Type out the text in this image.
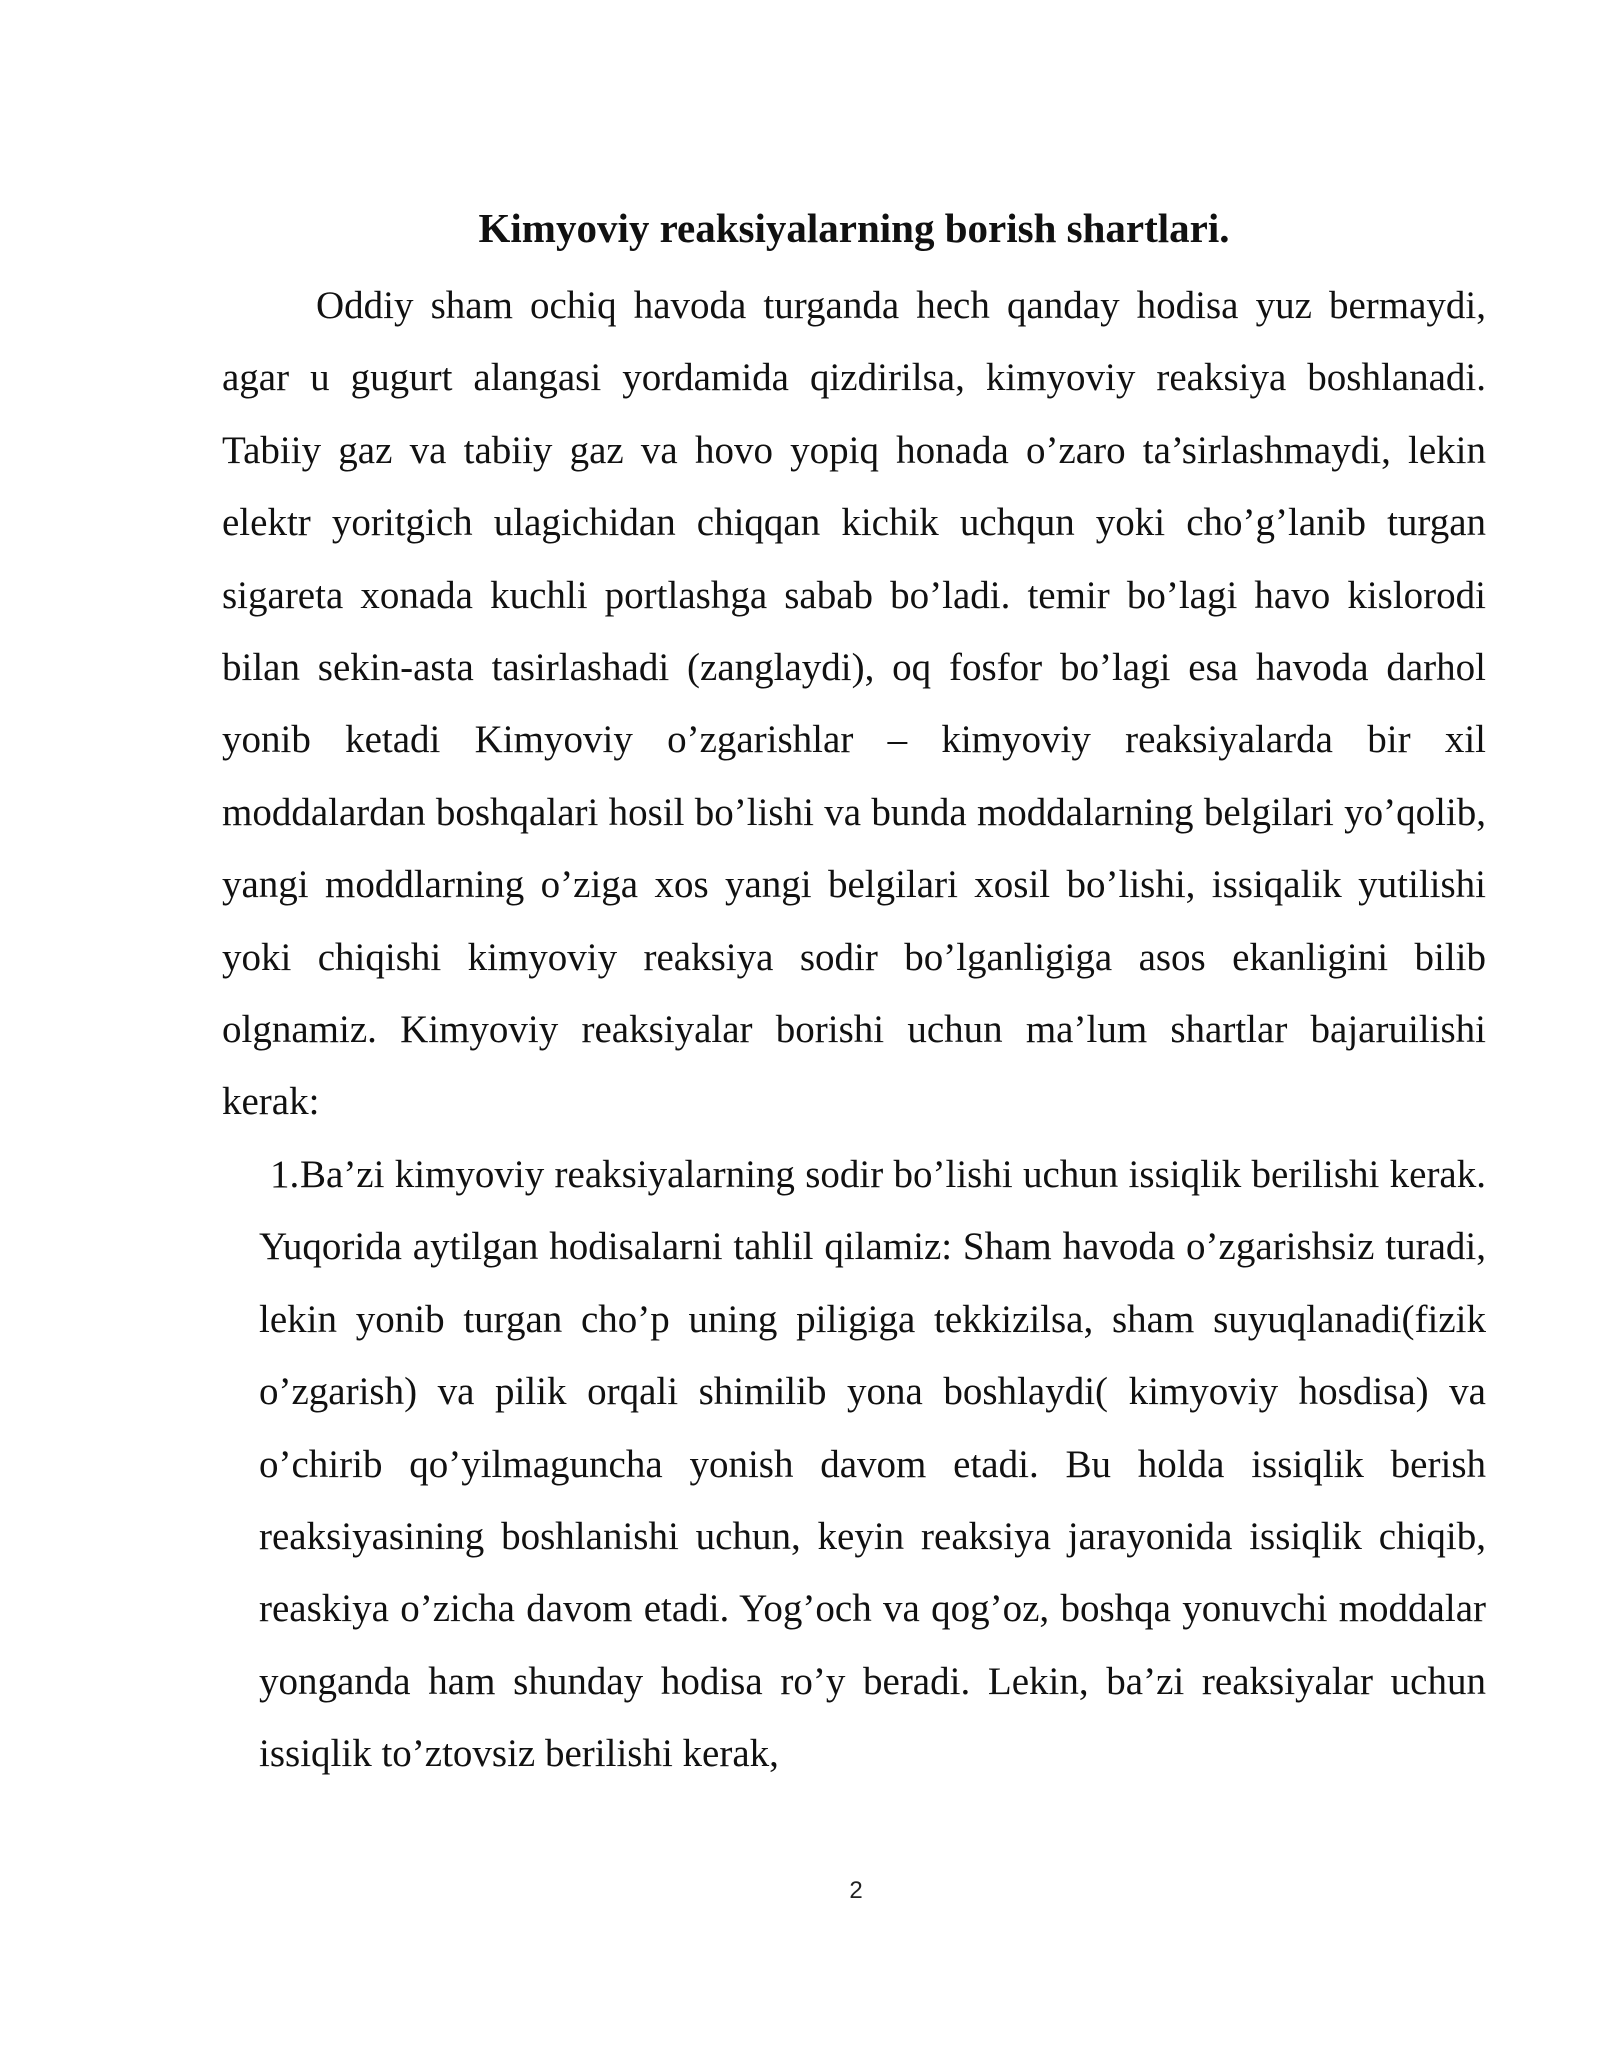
Kimyoviy reaksiyalarning borish shartlari.

Oddiy sham ochiq havoda turganda hech qanday hodisa yuz bermaydi, agar u gugurt alangasi yordamida qizdirilsa, kimyoviy reaksiya boshlanadi. Tabiiy gaz va tabiiy gaz va hovo yopiq honada o’zaro ta’sirlashmaydi, lekin elektr yoritgich ulagichidan chiqqan kichik uchqun yoki cho’g’lanib turgan sigareta xonada kuchli portlashga sabab bo’ladi. temir bo’lagi havo kislorodi bilan sekin-asta tasirlashadi (zanglaydi), oq fosfor bo’lagi esa havoda darhol yonib ketadi Kimyoviy o’zgarishlar – kimyoviy reaksiyalarda bir xil moddalardan boshqalari hosil bo’lishi va bunda moddalarning belgilari yo’qolib, yangi moddlarning o’ziga xos yangi belgilari xosil bo’lishi, issiqalik yutilishi yoki chiqishi kimyoviy reaksiya sodir bo’lganligiga asos ekanligini bilib olgnamiz. Kimyoviy reaksiyalar borishi uchun ma’lum shartlar bajaruilishi kerak:

1. Ba’zi kimyoviy reaksiyalarning sodir bo’lishi uchun issiqlik berilishi kerak. Yuqorida aytilgan hodisalarni tahlil qilamiz: Sham havoda o’zgarishsiz turadi, lekin yonib turgan cho’p uning piligiga tekkizilsa, sham suyuqlanadi(fizik o’zgarish) va pilik orqali shimilib yona boshlaydi( kimyoviy hosdisa) va o’chirib qo’yilmaguncha yonish davom etadi. Bu holda issiqlik berish reaksiyasining boshlanishi uchun, keyin reaksiya jarayonida issiqlik chiqib, reaskiya o’zicha davom etadi. Yog’och va qog’oz, boshqa yonuvchi moddalar yonganda ham shunday hodisa ro’y beradi. Lekin, ba’zi reaksiyalar uchun issiqlik to’ztovsiz berilishi kerak,
2
